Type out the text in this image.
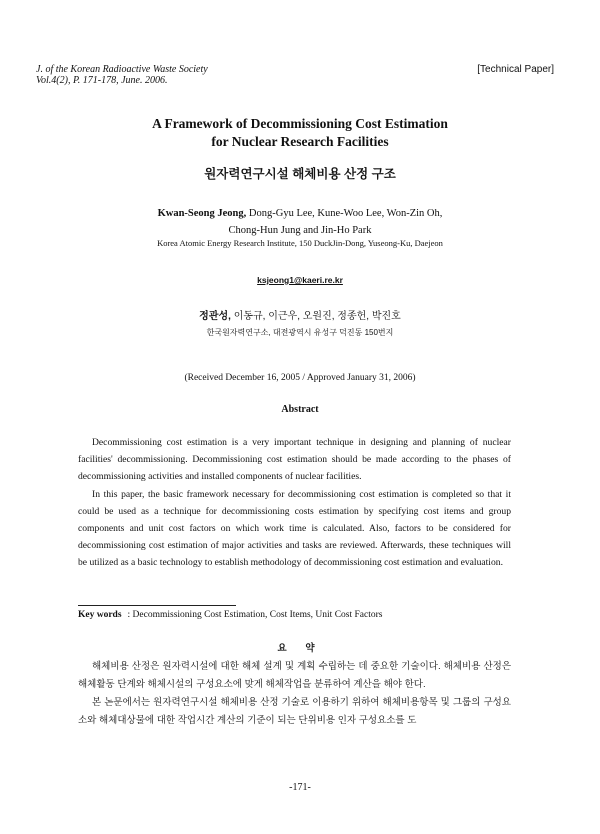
J. of the Korean Radioactive Waste Society
Vol.4(2), P. 171-178, June. 2006.
[Technical Paper]
A Framework of Decommissioning Cost Estimation
for Nuclear Research Facilities
원자력연구시설 해체비용 산정 구조
Kwan-Seong Jeong, Dong-Gyu Lee, Kune-Woo Lee, Won-Zin Oh,
Chong-Hun Jung and Jin-Ho Park
Korea Atomic Energy Research Institute, 150 DuckJin-Dong, Yuseong-Ku, Daejeon
ksjeong1@kaeri.re.kr
정관성, 이동규, 이근우, 오원진, 정종헌, 박진호
한국원자력연구소, 대전광역시 유성구 덕진동 150번지
(Received December 16, 2005 / Approved January 31, 2006)
Abstract

Decommissioning cost estimation is a very important technique in designing and planning of nuclear facilities' decommissioning. Decommissioning cost estimation should be made according to the phases of decommissioning activities and installed components of nuclear facilities.

In this paper, the basic framework necessary for decommissioning cost estimation is completed so that it could be used as a technique for decommissioning costs estimation by specifying cost items and group components and unit cost factors on which work time is calculated. Also, factors to be considered for decommissioning cost estimation of major activities and tasks are reviewed. Afterwards, these techniques will be utilized as a basic technology to establish methodology of decommissioning cost estimation and evaluation.

Key words : Decommissioning Cost Estimation, Cost Items, Unit Cost Factors
요 약

해체비용 산정은 원자력시설에 대한 해체 설계 및 계획 수립하는 데 중요한 기술이다. 해체비용 산정은 해체활동 단계와 해체시설의 구성요소에 맞게 해체작업을 분류하여 계산을 해야 한다.

본 논문에서는 원자력연구시설 해체비용 산정 기술로 이용하기 위하여 해체비용항목 및 그룹의 구성요소와 해체대상물에 대한 작업시간 계산의 기준이 되는 단위비용 인자 구성요소를 도

-171-
